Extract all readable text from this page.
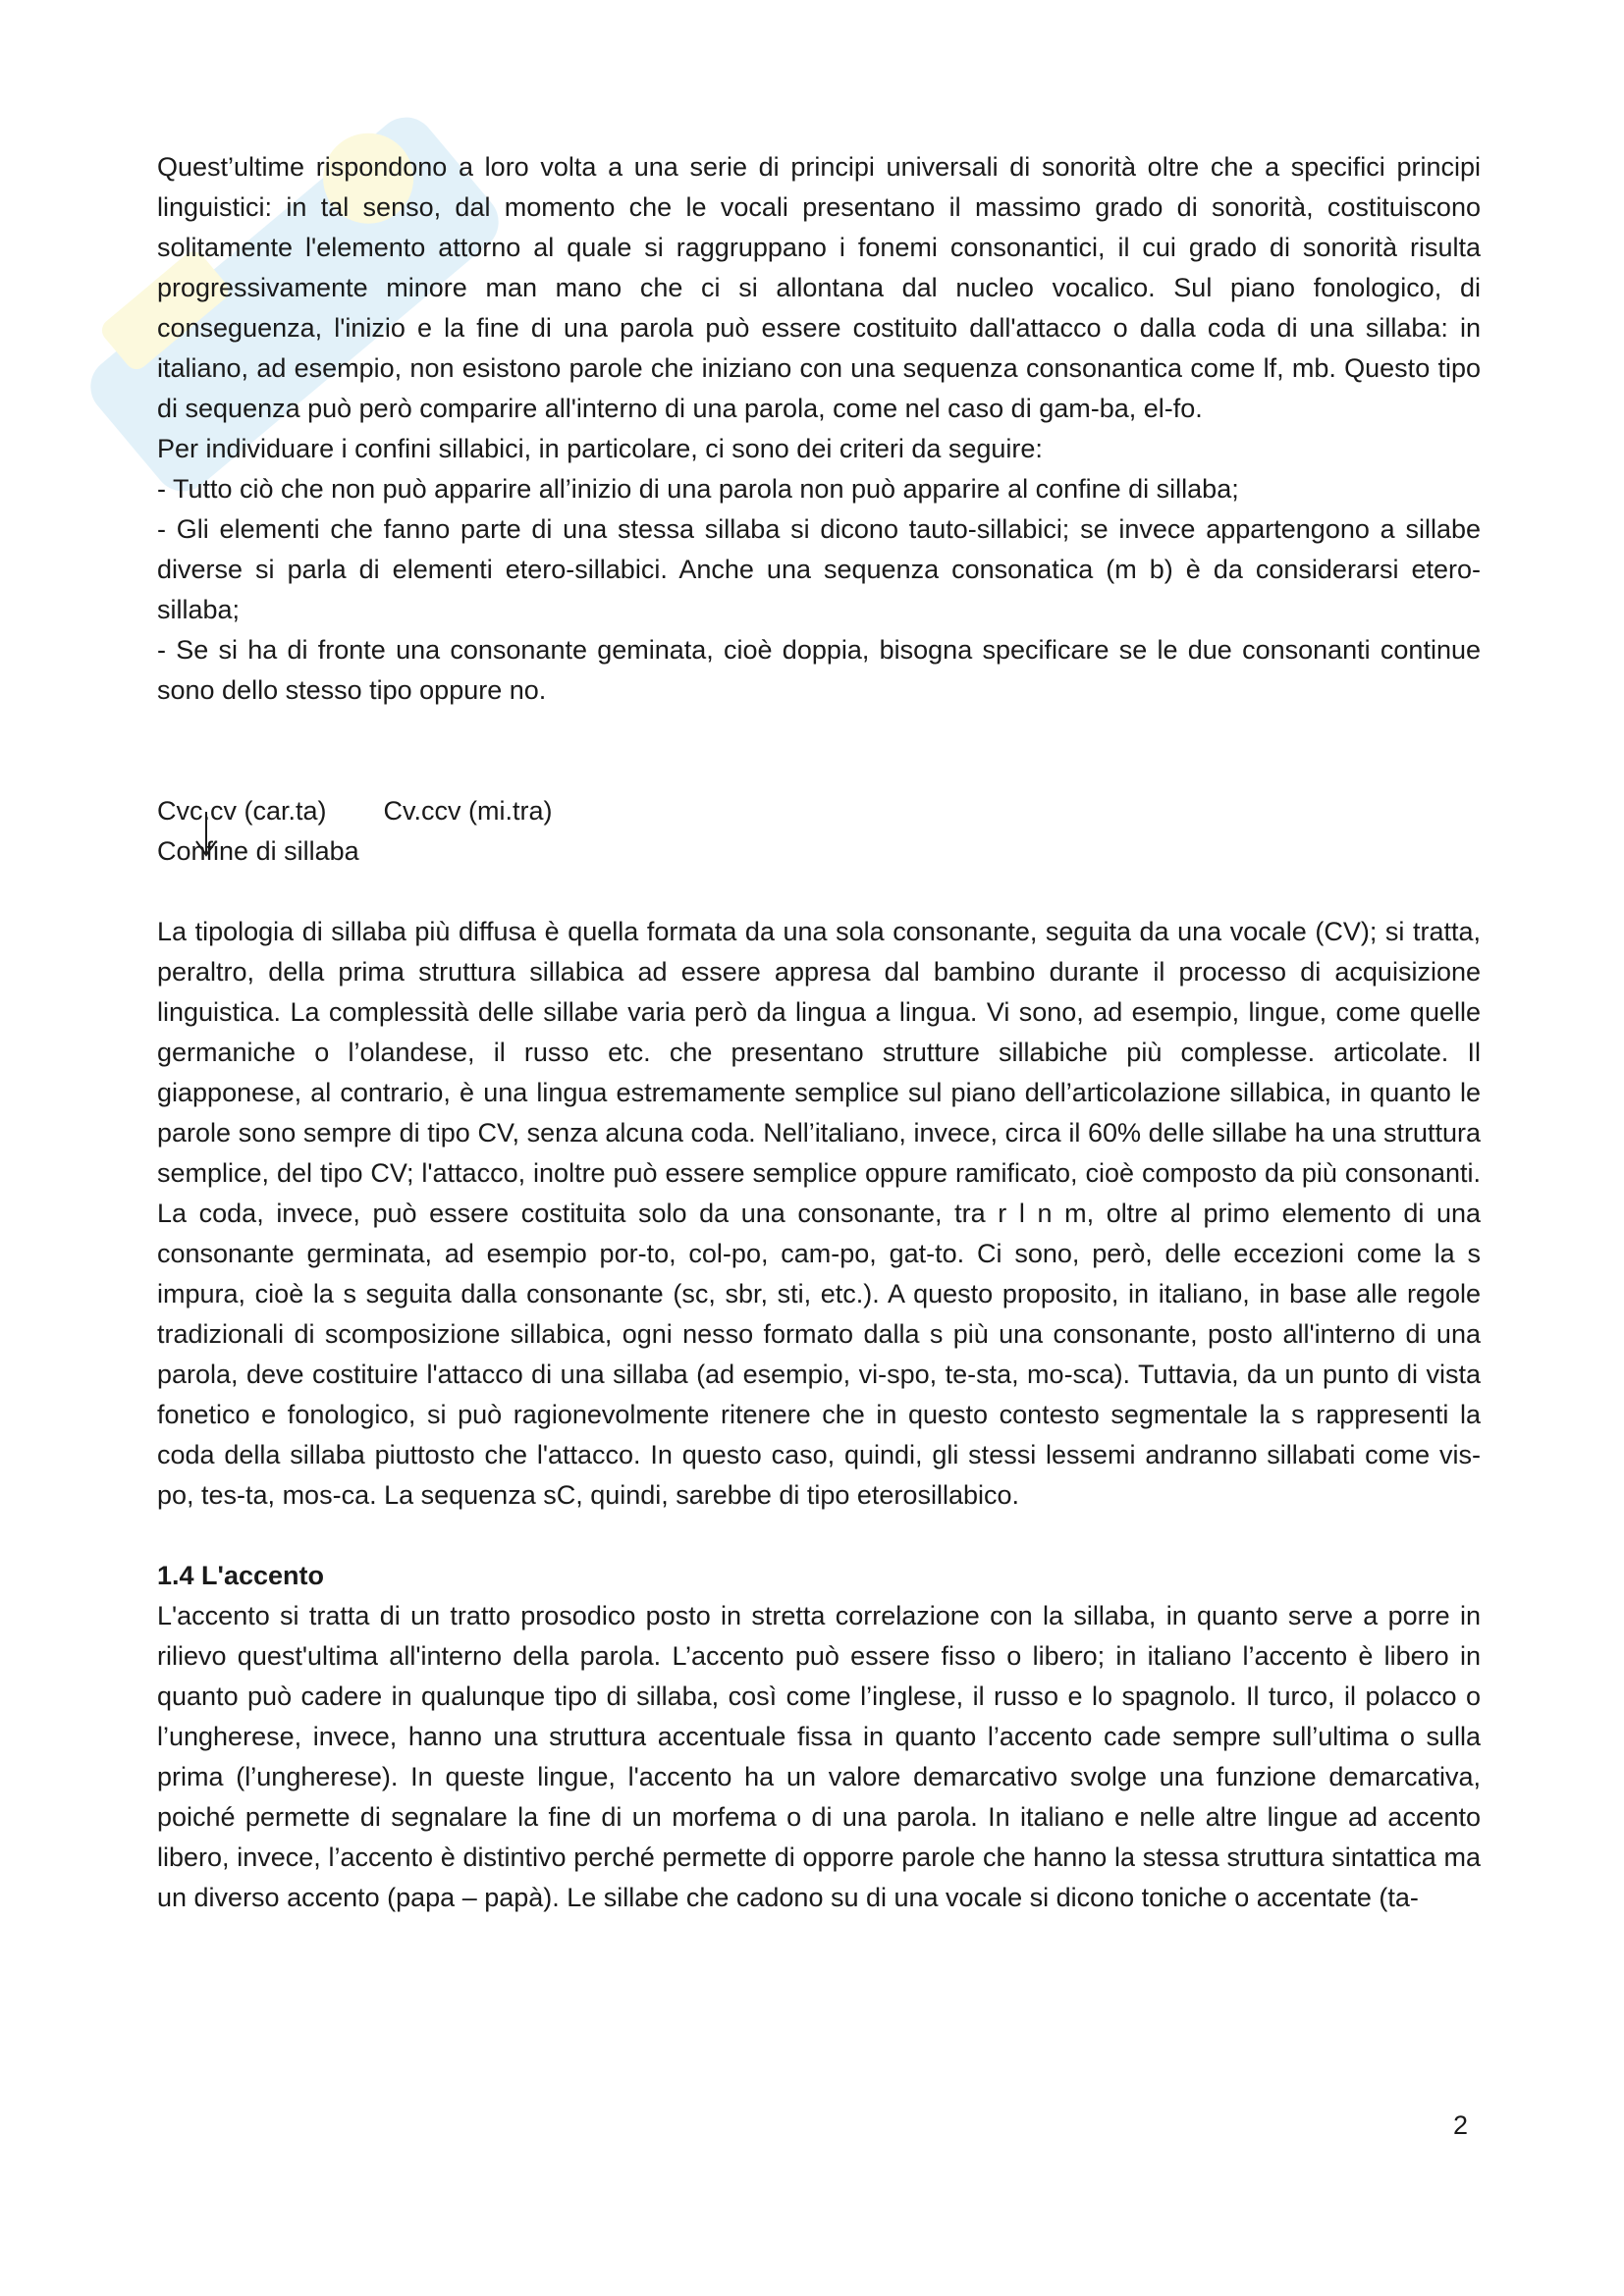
Quest’ultime rispondono a loro volta a una serie di principi universali di sonorità oltre che a specifici principi linguistici: in tal senso, dal momento che le vocali presentano il massimo grado di sonorità, costituiscono solitamente l'elemento attorno al quale si raggruppano i fonemi consonantici, il cui grado di sonorità risulta progressivamente minore man mano che ci si allontana dal nucleo vocalico. Sul piano fonologico, di conseguenza, l'inizio e la fine di una parola può essere costituito dall'attacco o dalla coda di una sillaba: in italiano, ad esempio, non esistono parole che iniziano con una sequenza consonantica come lf, mb. Questo tipo di sequenza può però comparire all'interno di una parola, come nel caso di gam-ba, el-fo.

Per individuare i confini sillabici, in particolare, ci sono dei criteri da seguire:

- Tutto ciò che non può apparire all’inizio di una parola non può apparire al confine di sillaba;

- Gli elementi che fanno parte di una stessa sillaba si dicono tauto-sillabici; se invece appartengono a sillabe diverse si parla di elementi etero-sillabici. Anche una sequenza consonatica (m b) è da considerarsi etero-sillaba;

- Se si ha di fronte una consonante geminata, cioè doppia, bisogna specificare se le due consonanti continue sono dello stesso tipo oppure no.

Cvc.cv (car.ta) Cv.ccv (mi.tra)
Confine di sillaba

La tipologia di sillaba più diffusa è quella formata da una sola consonante, seguita da una vocale (CV); si tratta, peraltro, della prima struttura sillabica ad essere appresa dal bambino durante il processo di acquisizione linguistica. La complessità delle sillabe varia però da lingua a lingua. Vi sono, ad esempio, lingue, come quelle germaniche o l’olandese, il russo etc. che presentano strutture sillabiche più complesse. articolate. Il giapponese, al contrario, è una lingua estremamente semplice sul piano dell’articolazione sillabica, in quanto le parole sono sempre di tipo CV, senza alcuna coda. Nell’italiano, invece, circa il 60% delle sillabe ha una struttura semplice, del tipo CV; l'attacco, inoltre può essere semplice oppure ramificato, cioè composto da più consonanti. La coda, invece, può essere costituita solo da una consonante, tra r l n m, oltre al primo elemento di una consonante germinata, ad esempio por-to, col-po, cam-po, gat-to. Ci sono, però, delle eccezioni come la s impura, cioè la s seguita dalla consonante (sc, sbr, sti, etc.). A questo proposito, in italiano, in base alle regole tradizionali di scomposizione sillabica, ogni nesso formato dalla s più una consonante, posto all'interno di una parola, deve costituire l'attacco di una sillaba (ad esempio, vi-spo, te-sta, mo-sca). Tuttavia, da un punto di vista fonetico e fonologico, si può ragionevolmente ritenere che in questo contesto segmentale la s rappresenti la coda della sillaba piuttosto che l'attacco. In questo caso, quindi, gli stessi lessemi andranno sillabati come vis-po, tes-ta, mos-ca. La sequenza sC, quindi, sarebbe di tipo eterosillabico.

1.4 L'accento

L'accento si tratta di un tratto prosodico posto in stretta correlazione con la sillaba, in quanto serve a porre in rilievo quest'ultima all'interno della parola. L’accento può essere fisso o libero; in italiano l’accento è libero in quanto può cadere in qualunque tipo di sillaba, così come l’inglese, il russo e lo spagnolo. Il turco, il polacco o l’ungherese, invece, hanno una struttura accentuale fissa in quanto l’accento cade sempre sull’ultima o sulla prima (l’ungherese). In queste lingue, l'accento ha un valore demarcativo svolge una funzione demarcativa, poiché permette di segnalare la fine di un morfema o di una parola. In italiano e nelle altre lingue ad accento libero, invece, l’accento è distintivo perché permette di opporre parole che hanno la stessa struttura sintattica ma un diverso accento (papa – papà). Le sillabe che cadono su di una vocale si dicono toniche o accentate (ta-

2
